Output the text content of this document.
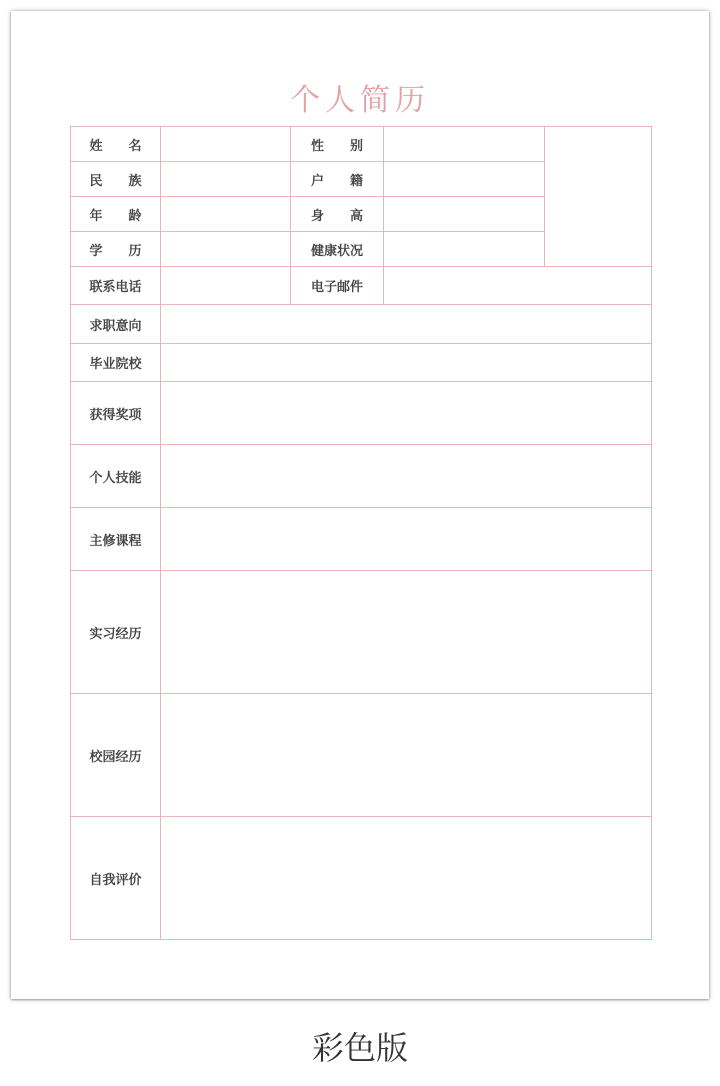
个人简历
姓 名		性 别		
民 族		户 籍		
年 龄		身 高		
学 历		健康状况		
联系电话		电子邮件		
求职意向				
毕业院校				
获得奖项				
个人技能				
主修课程				
实习经历				
校园经历				
自我评价				
彩色版
